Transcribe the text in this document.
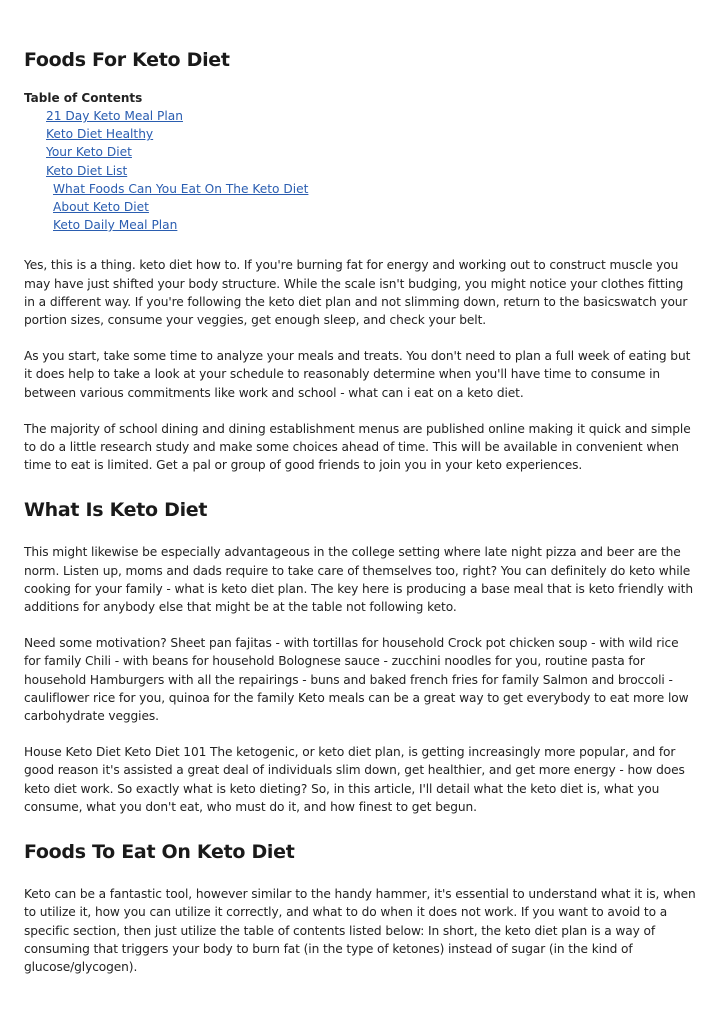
Foods For Keto Diet
Table of Contents
21 Day Keto Meal Plan
Keto Diet Healthy
Your Keto Diet
Keto Diet List
What Foods Can You Eat On The Keto Diet
About Keto Diet
Keto Daily Meal Plan

Yes, this is a thing. keto diet how to. If you're burning fat for energy and working out to construct muscle you may have just shifted your body structure. While the scale isn't budging, you might notice your clothes fitting in a different way. If you're following the keto diet plan and not slimming down, return to the basicswatch your portion sizes, consume your veggies, get enough sleep, and check your belt.

As you start, take some time to analyze your meals and treats. You don't need to plan a full week of eating but it does help to take a look at your schedule to reasonably determine when you'll have time to consume in between various commitments like work and school - what can i eat on a keto diet.

The majority of school dining and dining establishment menus are published online making it quick and simple to do a little research study and make some choices ahead of time. This will be available in convenient when time to eat is limited. Get a pal or group of good friends to join you in your keto experiences.

What Is Keto Diet

This might likewise be especially advantageous in the college setting where late night pizza and beer are the norm. Listen up, moms and dads require to take care of themselves too, right? You can definitely do keto while cooking for your family - what is keto diet plan. The key here is producing a base meal that is keto friendly with additions for anybody else that might be at the table not following keto.

Need some motivation? Sheet pan fajitas - with tortillas for household Crock pot chicken soup - with wild rice for family Chili - with beans for household Bolognese sauce - zucchini noodles for you, routine pasta for household Hamburgers with all the repairings - buns and baked french fries for family Salmon and broccoli - cauliflower rice for you, quinoa for the family Keto meals can be a great way to get everybody to eat more low carbohydrate veggies.

House Keto Diet Keto Diet 101 The ketogenic, or keto diet plan, is getting increasingly more popular, and for good reason it's assisted a great deal of individuals slim down, get healthier, and get more energy - how does keto diet work. So exactly what is keto dieting? So, in this article, I'll detail what the keto diet is, what you consume, what you don't eat, who must do it, and how finest to get begun.

Foods To Eat On Keto Diet

Keto can be a fantastic tool, however similar to the handy hammer, it's essential to understand what it is, when to utilize it, how you can utilize it correctly, and what to do when it does not work. If you want to avoid to a specific section, then just utilize the table of contents listed below: In short, the keto diet plan is a way of consuming that triggers your body to burn fat (in the type of ketones) instead of sugar (in the kind of glucose/glycogen).
